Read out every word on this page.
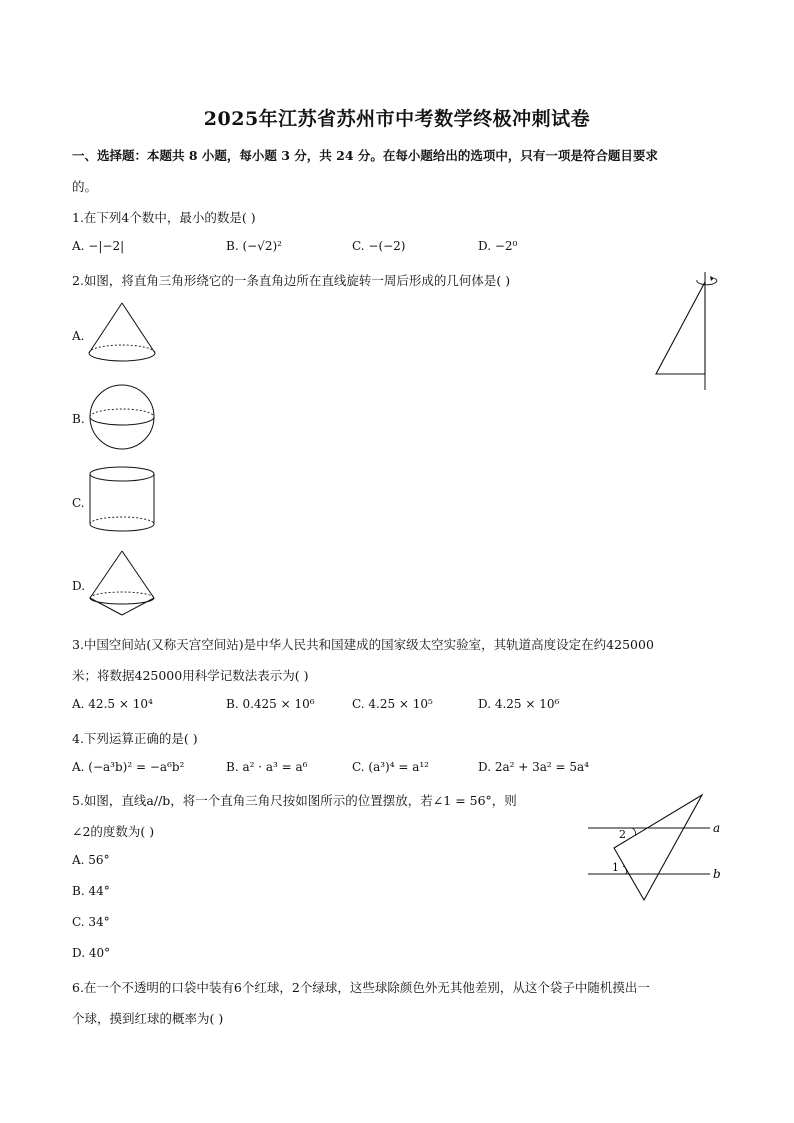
2025年江苏省苏州市中考数学终极冲刺试卷
一、选择题：本题共 8 小题，每小题 3 分，共 24 分。在每小题给出的选项中，只有一项是符合题目要求
的。
1.在下列4个数中，最小的数是( )
A. −|−2|	B. (−√2)²	C. −(−2)	D. −2⁰
2.如图，将直角三角形绕它的一条直角边所在直线旋转一周后形成的几何体是( )
A.
B.
C.
D.
3.中国空间站(又称天宫空间站)是中华人民共和国建成的国家级太空实验室，其轨道高度设定在约425000
米；将数据425000用科学记数法表示为( )
A. 42.5 × 10⁴	B. 0.425 × 10⁶	C. 4.25 × 10⁵	D. 4.25 × 10⁶
4.下列运算正确的是( )
A. (−a³b)² = −a⁶b²	B. a² · a³ = a⁶	C. (a³)⁴ = a¹²	D. 2a² + 3a² = 5a⁴
5.如图，直线a//b，将一个直角三角尺按如图所示的位置摆放，若∠1 = 56°，则
∠2的度数为( )
A. 56°
B. 44°
C. 34°
D. 40°
a
b
2
1
6.在一个不透明的口袋中装有6个红球，2个绿球，这些球除颜色外无其他差别，从这个袋子中随机摸出一
个球，摸到红球的概率为( )
